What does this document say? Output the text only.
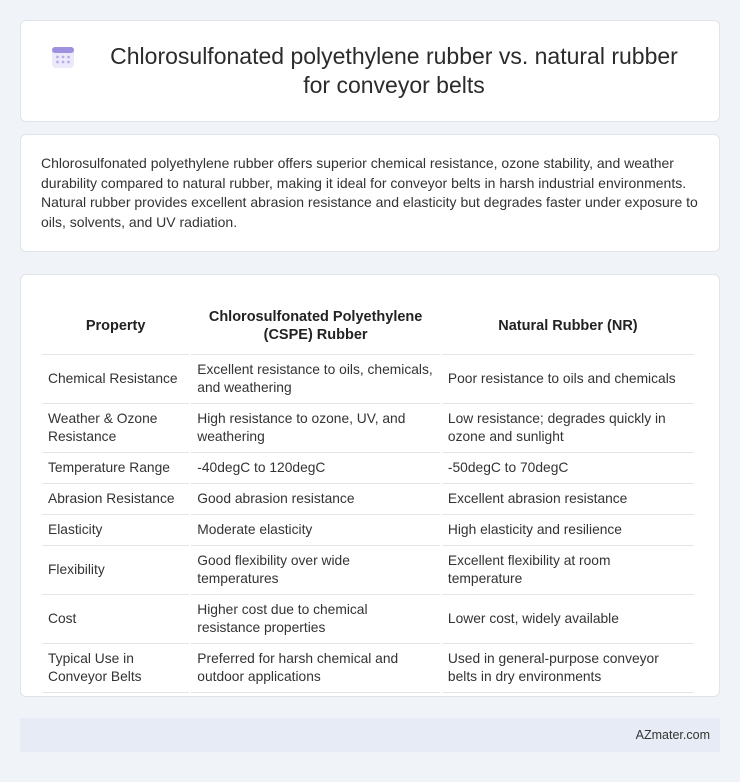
Chlorosulfonated polyethylene rubber vs. natural rubber for conveyor belts

Chlorosulfonated polyethylene rubber offers superior chemical resistance, ozone stability, and weather durability compared to natural rubber, making it ideal for conveyor belts in harsh industrial environments. Natural rubber provides excellent abrasion resistance and elasticity but degrades faster under exposure to oils, solvents, and UV radiation.

Property	Chlorosulfonated Polyethylene (CSPE) Rubber	Natural Rubber (NR)
Chemical Resistance	Excellent resistance to oils, chemicals, and weathering	Poor resistance to oils and chemicals
Weather & Ozone Resistance	High resistance to ozone, UV, and weathering	Low resistance; degrades quickly in ozone and sunlight
Temperature Range	-40degC to 120degC	-50degC to 70degC
Abrasion Resistance	Good abrasion resistance	Excellent abrasion resistance
Elasticity	Moderate elasticity	High elasticity and resilience
Flexibility	Good flexibility over wide temperatures	Excellent flexibility at room temperature
Cost	Higher cost due to chemical resistance properties	Lower cost, widely available
Typical Use in Conveyor Belts	Preferred for harsh chemical and outdoor applications	Used in general-purpose conveyor belts in dry environments
AZmater.com
